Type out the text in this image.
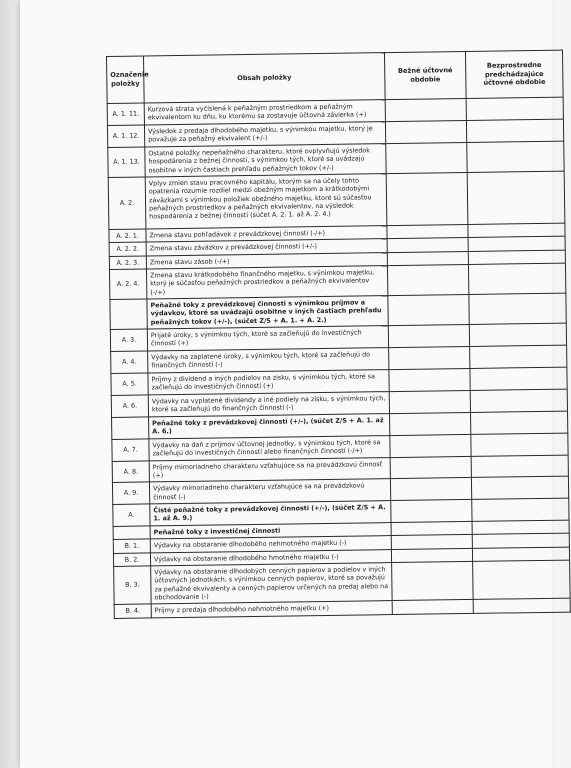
Označenie položky	Obsah položky	Bežné účtovné obdobie	Bezprostredne predchádzajúce účtovné obdobie
A. 1. 11.	Kurzová strata vyčíslená k peňažným prostriedkom a peňažným ekvivalentom ku dňu, ku ktorému sa zostavuje účtovná závierka (+)		
A. 1. 12.	Výsledok z predaja dlhodobého majetku, s výnimkou majetku, ktorý je považuje za peňažný ekvivalent (+/-)		
A. 1. 13.	Ostatné položky nepeňažného charakteru, ktoré ovplyvňujú výsledok hospodárenia z bežnej činnosti, s výnimkou tých, ktoré sa uvádzajú osobitne v iných častiach prehľadu peňažných tokov (+/-)		
A. 2.	Vplyv zmien stavu pracovného kapitálu, ktorým sa na účely tohto opatrenia rozumie rozdiel medzi obežným majetkom a krátkodobými záväzkami s výnimkou položiek obežného majetku, ktoré sú súčasťou peňažných prostriedkov a peňažných ekvivalentov, na výsledok hospodárenia z bežnej činnosti (súčet A. 2. 1. až A. 2. 4.)		
A. 2. 1.	Zmena stavu pohľadávok z prevádzkovej činnosti (-/+)		
A. 2. 2.	Zmena stavu záväzkov z prevádzkovej činnosti (+/-)		
A. 2. 3.	Zmena stavu zásob (-/+)		
A. 2. 4.	Zmena stavu krátkodobého finančného majetku, s výnimkou majetku, ktorý je súčasťou peňažných prostriedkov a peňažných ekvivalentov (-/+)		
	Peňažné toky z prevádzkovej činnosti s výnimkou príjmov a výdavkov, ktoré sa uvádzajú osobitne v iných častiach prehľadu peňažných tokov (+/-), (súčet Z/S + A. 1. + A. 2.)		
A. 3.	Prijaté úroky, s výnimkou tých, ktoré sa začleňujú do investičných činností (+)		
A. 4.	Výdavky na zaplatené úroky, s výnimkou tých, ktoré sa začleňujú do finančných činností (-)		
A. 5.	Príjmy z dividend a iných podielov na zisku, s výnimkou tých, ktoré sa začleňujú do investičných činností (+)		
A. 6.	Výdavky na vyplatené dividendy a iné podiely na zisku, s výnimkou tých, ktoré sa začleňujú do finančných činností (-)		
	Peňažné toky z prevádzkovej činnosti (+/-), (súčet Z/S + A. 1. až A. 6.)		
A. 7.	Výdavky na daň z príjmov účtovnej jednotky, s výnimkou tých, ktoré sa začleňujú do investičných činností alebo finančných činností (-/+)		
A. 8.	Príjmy mimoriadneho charakteru vzťahujúce sa na prevádzkovú činnosť (+)		
A. 9.	Výdavky mimoriadneho charakteru vzťahujúce sa na prevádzkovú činnosť (-)		
A.	Čisté peňažné toky z prevádzkovej činnosti (+/-), (súčet Z/S + A. 1. až A. 9.)		
	Peňažné toky z investičnej činnosti		
B. 1.	Výdavky na obstaranie dlhodobého nehmotného majetku (-)		
B. 2.	Výdavky na obstaranie dlhodobého hmotného majetku (-)		
B. 3.	Výdavky na obstaranie dlhodobých cenných papierov a podielov v iných účtovných jednotkách, s výnimkou cenných papierov, ktoré sa považujú za peňažné ekvivalenty a cenných papierov určených na predaj alebo na obchodovanie (-)		
B. 4.	Príjmy z predaja dlhodobého nehmotného majetku (+)		
